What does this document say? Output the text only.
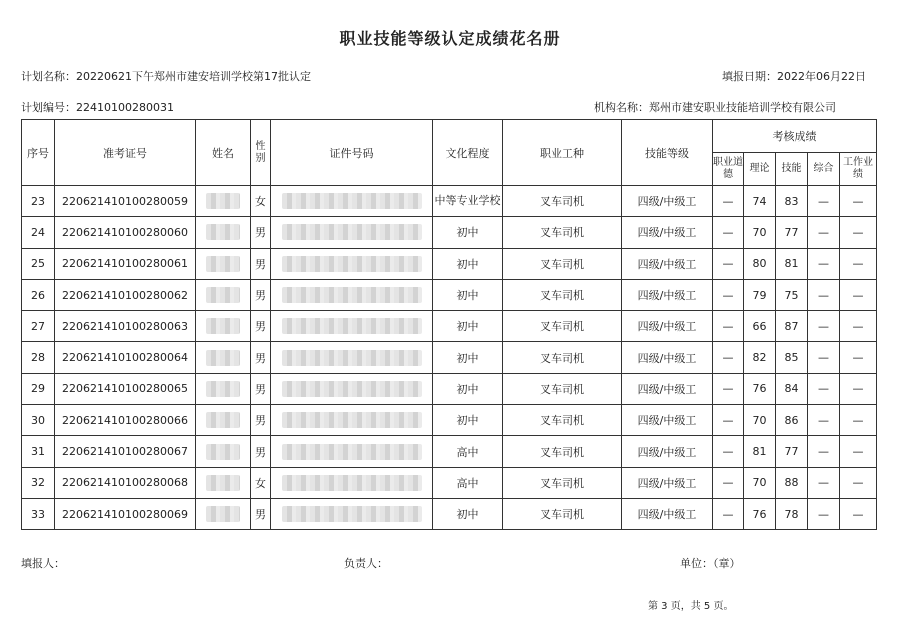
职业技能等级认定成绩花名册
计划名称：20220621下午郑州市建安培训学校第17批认定	填报日期：2022年06月22日
计划编号：22410100280031	机构名称：郑州市建安职业技能培训学校有限公司
序号	准考证号	姓名	性别	证件号码	文化程度	职业工种	技能等级	考核成绩				
								职业道德	理论	技能	综合	工作业绩
23	220621410100280059		女		中等专业学校	叉车司机	四级/中级工	—	74	83	—	—
24	220621410100280060		男		初中	叉车司机	四级/中级工	—	70	77	—	—
25	220621410100280061		男		初中	叉车司机	四级/中级工	—	80	81	—	—
26	220621410100280062		男		初中	叉车司机	四级/中级工	—	79	75	—	—
27	220621410100280063		男		初中	叉车司机	四级/中级工	—	66	87	—	—
28	220621410100280064		男		初中	叉车司机	四级/中级工	—	82	85	—	—
29	220621410100280065		男		初中	叉车司机	四级/中级工	—	76	84	—	—
30	220621410100280066		男		初中	叉车司机	四级/中级工	—	70	86	—	—
31	220621410100280067		男		高中	叉车司机	四级/中级工	—	81	77	—	—
32	220621410100280068		女		高中	叉车司机	四级/中级工	—	70	88	—	—
33	220621410100280069		男		初中	叉车司机	四级/中级工	—	76	78	—	—
填报人：	负责人：	单位：（章）
第 3 页，共 5 页。
